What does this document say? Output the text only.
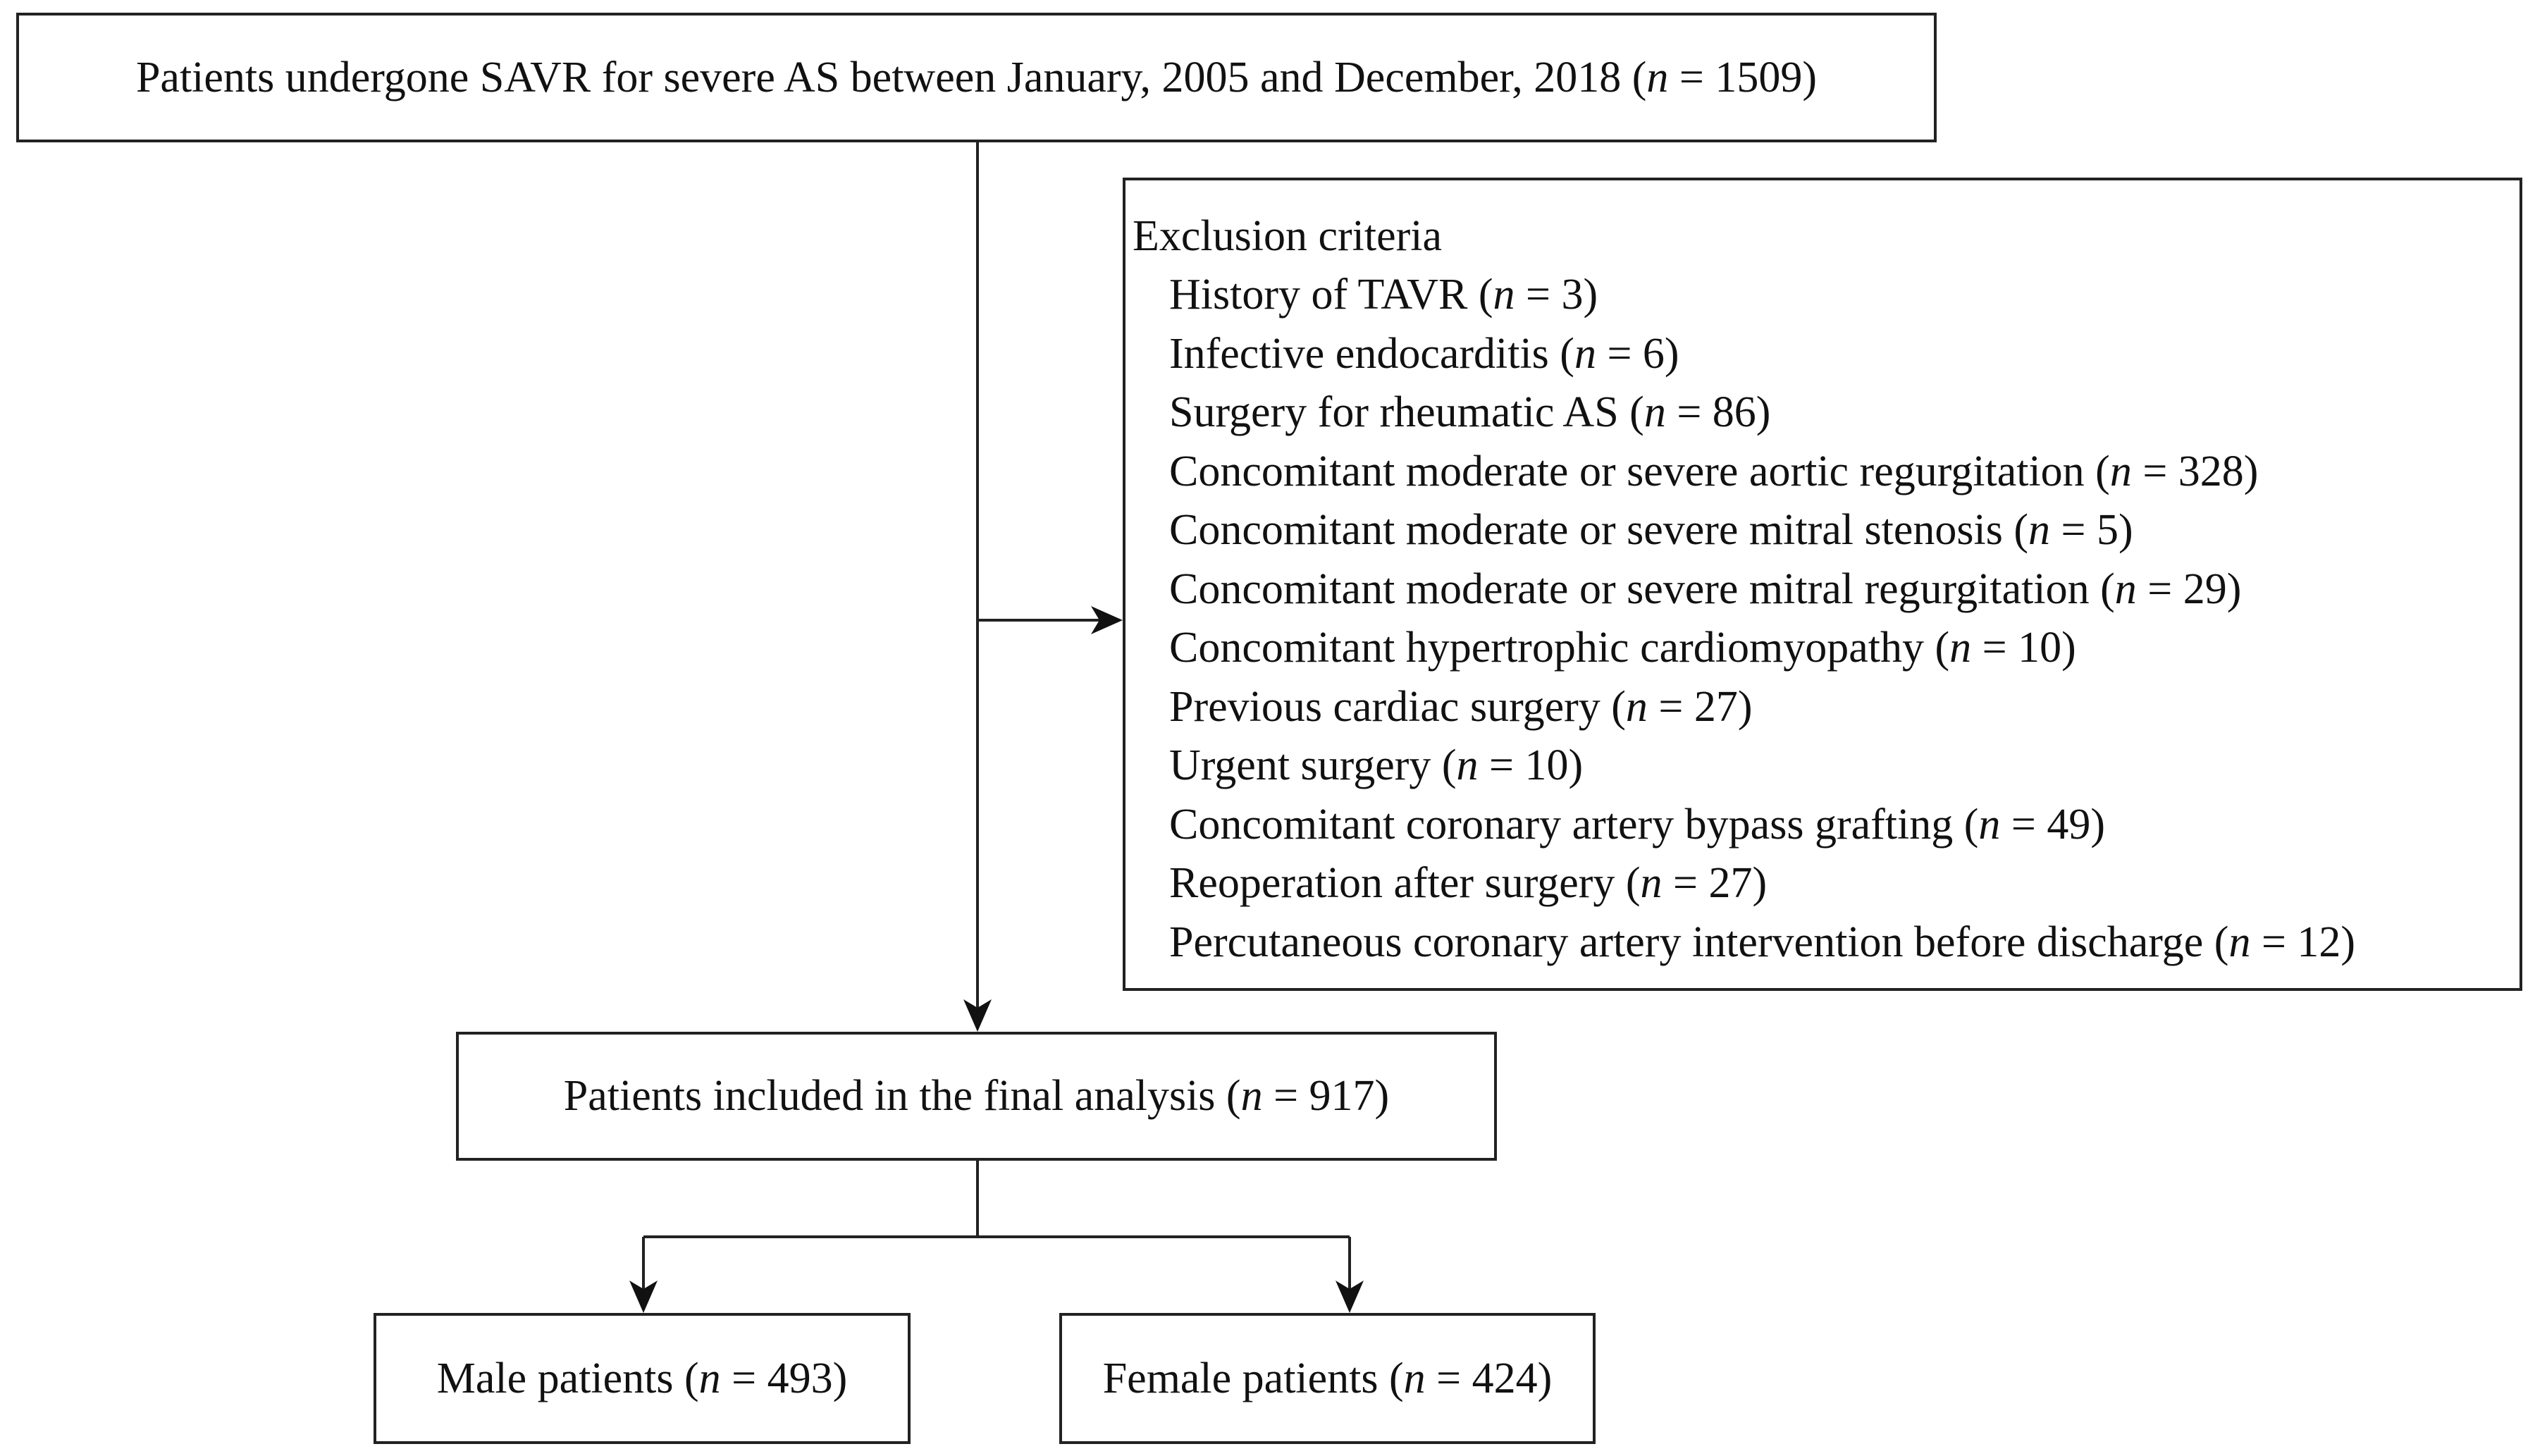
Patients undergone SAVR for severe AS between January, 2005 and December, 2018 (n = 1509)
Exclusion criteria
History of TAVR (n = 3)
Infective endocarditis (n = 6)
Surgery for rheumatic AS (n = 86)
Concomitant moderate or severe aortic regurgitation (n = 328)
Concomitant moderate or severe mitral stenosis (n = 5)
Concomitant moderate or severe mitral regurgitation (n = 29)
Concomitant hypertrophic cardiomyopathy (n = 10)
Previous cardiac surgery (n = 27)
Urgent surgery (n = 10)
Concomitant coronary artery bypass grafting (n = 49)
Reoperation after surgery (n = 27)
Percutaneous coronary artery intervention before discharge (n = 12)
Patients included in the final analysis (n = 917)
Male patients (n = 493)	Female patients (n = 424)
